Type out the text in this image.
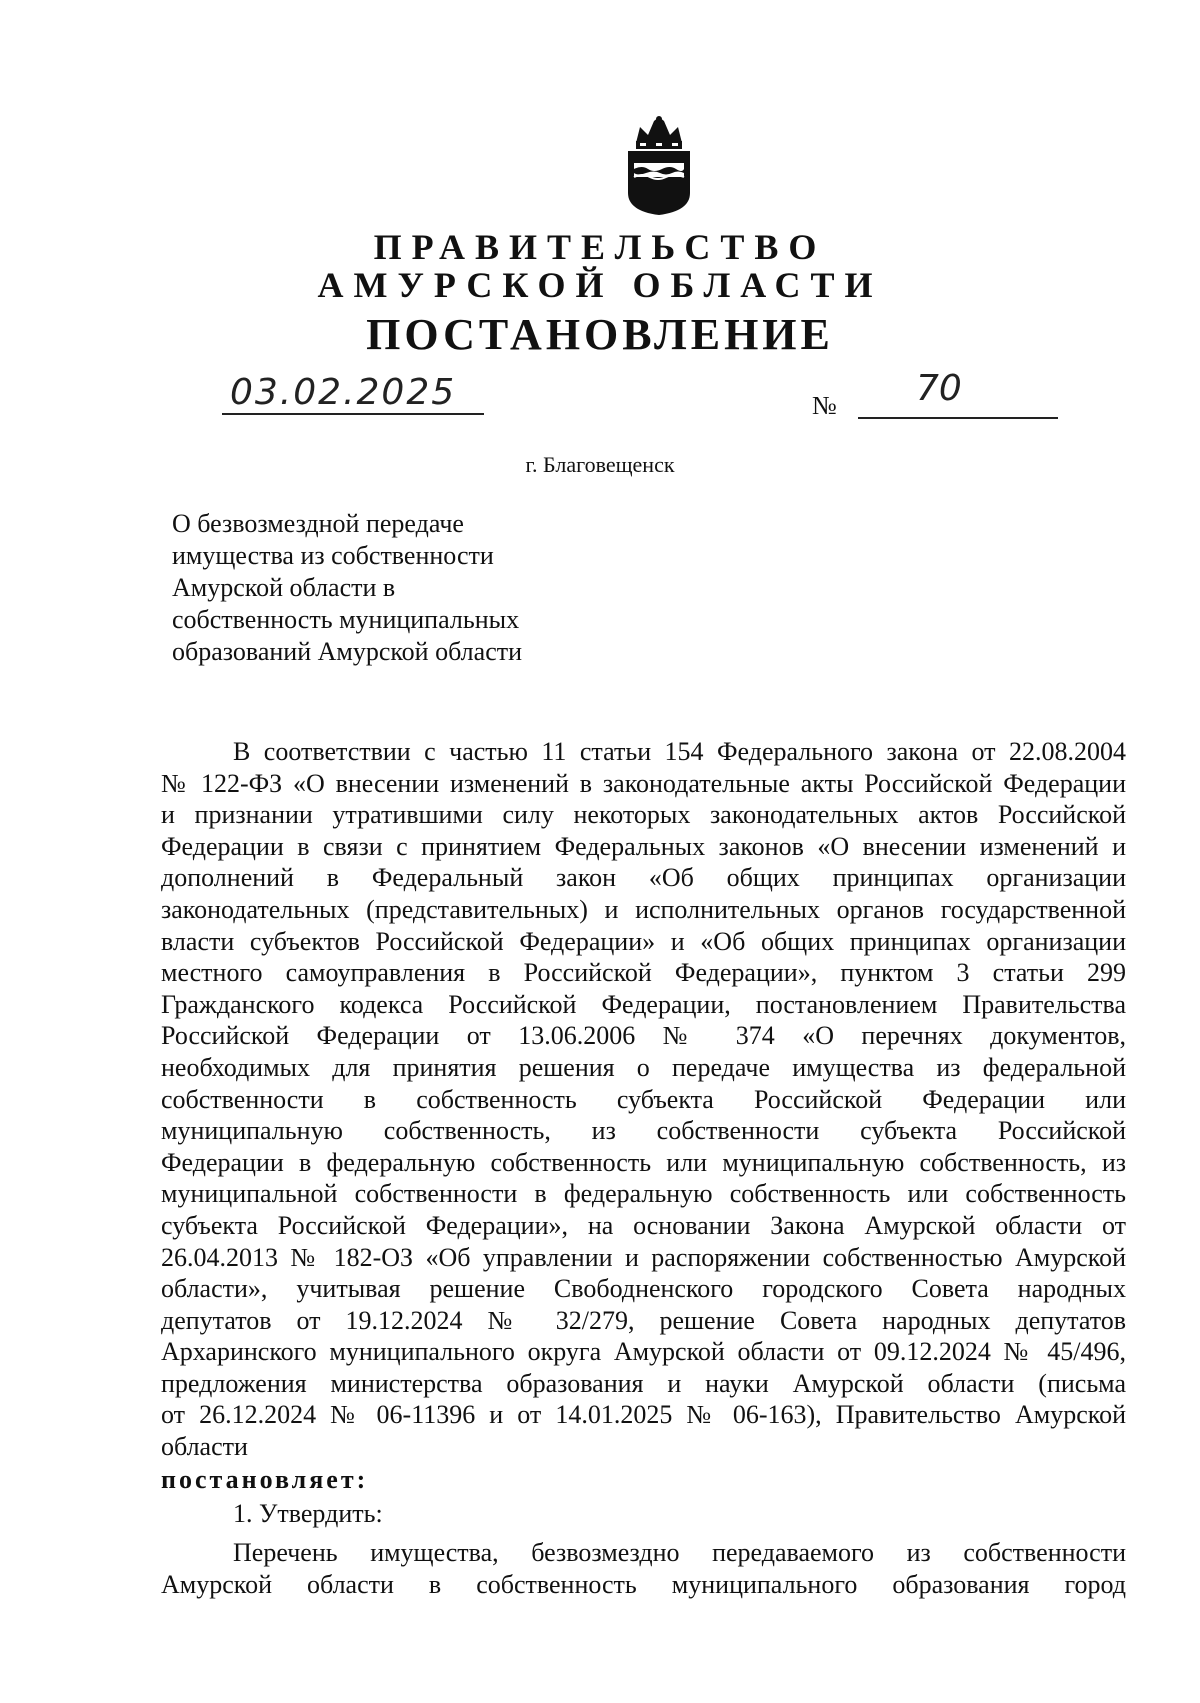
ПРАВИТЕЛЬСТВО
АМУРСКОЙ ОБЛАСТИ
ПОСТАНОВЛЕНИЕ
03.02.2025	№ 70
г. Благовещенск
О безвозмездной передаче
имущества из собственности
Амурской области в
собственность муниципальных
образований Амурской области
В соответствии с частью 11 статьи 154 Федерального закона от 22.08.2004
№ 122-ФЗ «О внесении изменений в законодательные акты Российской Федерации
и признании утратившими силу некоторых законодательных актов Российской
Федерации в связи с принятием Федеральных законов «О внесении изменений и
дополнений в Федеральный закон «Об общих принципах организации
законодательных (представительных) и исполнительных органов государственной
власти субъектов Российской Федерации» и «Об общих принципах организации
местного самоуправления в Российской Федерации», пунктом 3 статьи 299
Гражданского кодекса Российской Федерации, постановлением Правительства
Российской Федерации от 13.06.2006 № 374 «О перечнях документов,
необходимых для принятия решения о передаче имущества из федеральной
собственности в собственность субъекта Российской Федерации или
муниципальную собственность, из собственности субъекта Российской
Федерации в федеральную собственность или муниципальную собственность, из
муниципальной собственности в федеральную собственность или собственность
субъекта Российской Федерации», на основании Закона Амурской области от
26.04.2013 № 182-ОЗ «Об управлении и распоряжении собственностью Амурской
области», учитывая решение Свободненского городского Совета народных
депутатов от 19.12.2024 № 32/279, решение Совета народных депутатов
Архаринского муниципального округа Амурской области от 09.12.2024 № 45/496,
предложения министерства образования и науки Амурской области (письма
от 26.12.2024 № 06-11396 и от 14.01.2025 № 06-163), Правительство Амурской
области
постановляет:
1. Утвердить:
Перечень имущества, безвозмездно передаваемого из собственности
Амурской области в собственность муниципального образования город
